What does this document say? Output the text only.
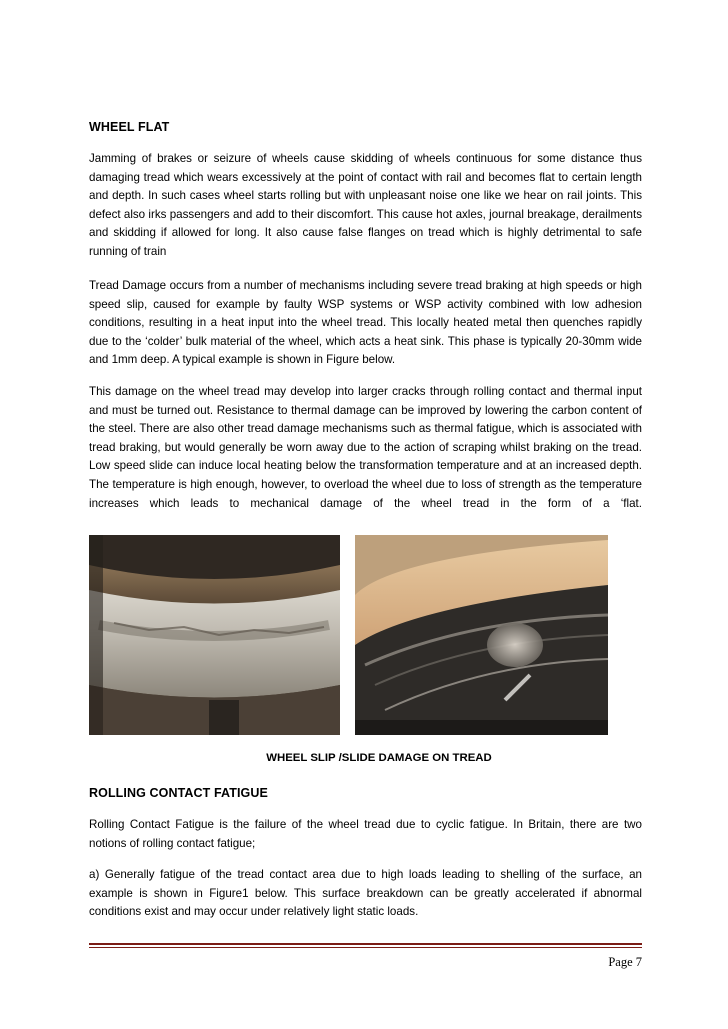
WHEEL FLAT

Jamming of brakes or seizure of wheels cause skidding of wheels continuous for some distance thus damaging tread which wears excessively at the point of contact with rail and becomes flat to certain length and depth. In such cases wheel starts rolling but with unpleasant noise one like we hear on rail joints. This defect also irks passengers and add to their discomfort. This cause hot axles, journal breakage, derailments and skidding if allowed for long. It also cause false flanges on tread which is highly detrimental to safe running of train

Tread Damage occurs from a number of mechanisms including severe tread braking at high speeds or high speed slip, caused for example by faulty WSP systems or WSP activity combined with low adhesion conditions, resulting in a heat input into the wheel tread. This locally heated metal then quenches rapidly due to the ‘colder’ bulk material of the wheel, which acts a heat sink. This phase is typically 20-30mm wide and 1mm deep. A typical example is shown in Figure below.

This damage on the wheel tread may develop into larger cracks through rolling contact and thermal input and must be turned out. Resistance to thermal damage can be improved by lowering the carbon content of the steel. There are also other tread damage mechanisms such as thermal fatigue, which is associated with tread braking, but would generally be worn away due to the action of scraping whilst braking on the tread. Low speed slide can induce local heating below the transformation temperature and at an increased depth. The temperature is high enough, however, to overload the wheel due to loss of strength as the temperature increases which leads to mechanical damage of the wheel tread in the form of a ‘flat.

WHEEL SLIP /SLIDE DAMAGE ON TREAD
ROLLING CONTACT FATIGUE

Rolling Contact Fatigue is the failure of the wheel tread due to cyclic fatigue. In Britain, there are two notions of rolling contact fatigue;

a) Generally fatigue of the tread contact area due to high loads leading to shelling of the surface, an example is shown in Figure1 below. This surface breakdown can be greatly accelerated if abnormal conditions exist and may occur under relatively light static loads.

Page 7
